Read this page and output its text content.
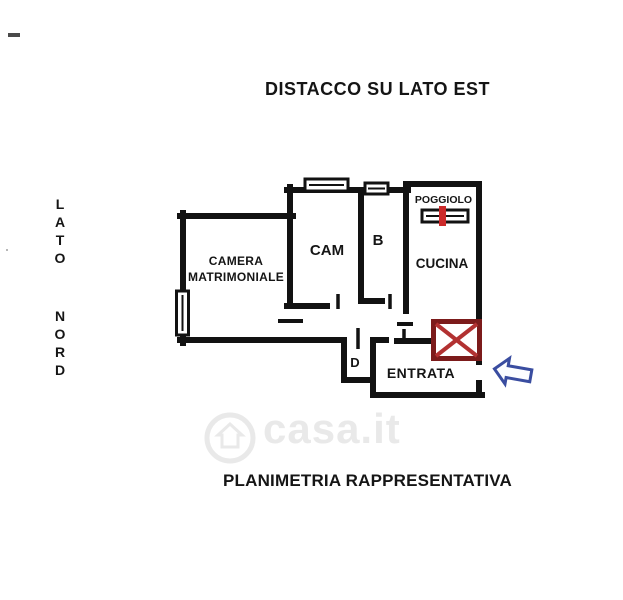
casa.it
DISTACCO SU LATO EST
PLANIMETRIA RAPPRESENTATIVA
LATO
NORD
CAMERA
MATRIMONIALE
CAM
B
CUCINA
POGGIOLO
D
ENTRATA
